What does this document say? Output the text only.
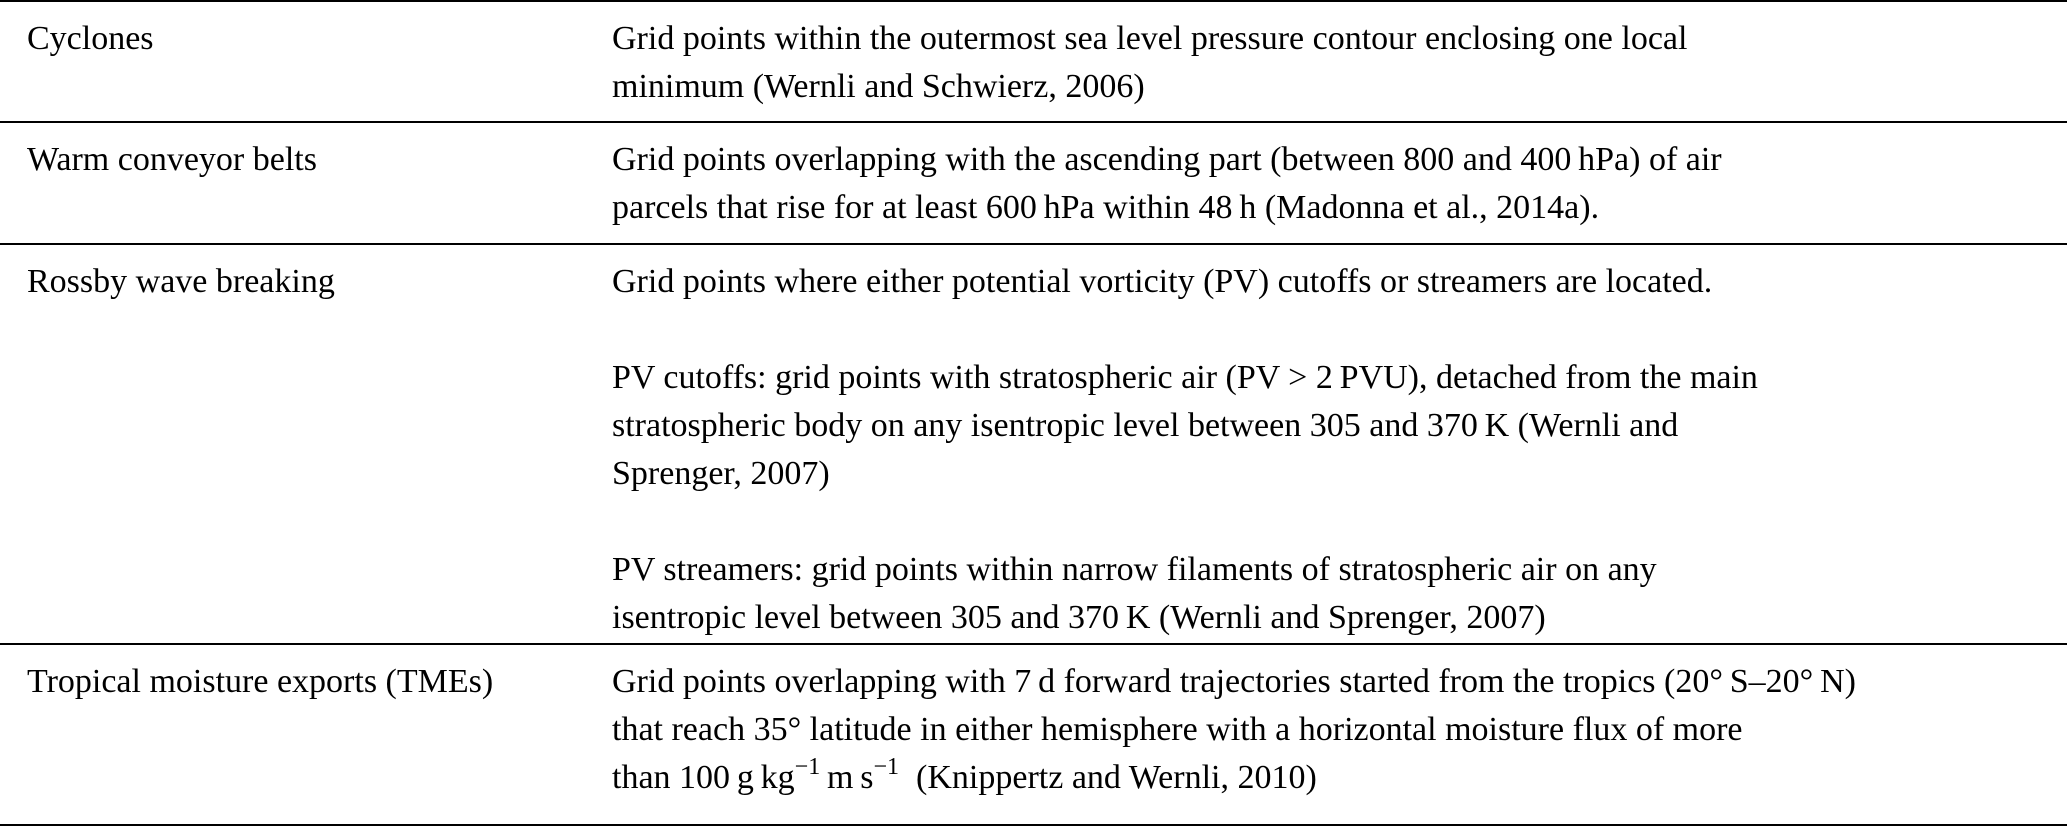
Cyclones	Grid points within the outermost sea level pressure contour enclosing one local
minimum (Wernli and Schwierz, 2006)

Warm conveyor belts	Grid points overlapping with the ascending part (between 800 and 400 hPa) of air
parcels that rise for at least 600 hPa within 48 h (Madonna et al., 2014a).

Rossby wave breaking	Grid points where either potential vorticity (PV) cutoffs or streamers are located.

PV cutoffs: grid points with stratospheric air (PV > 2 PVU), detached from the main
stratospheric body on any isentropic level between 305 and 370 K (Wernli and
Sprenger, 2007)

PV streamers: grid points within narrow filaments of stratospheric air on any
isentropic level between 305 and 370 K (Wernli and Sprenger, 2007)

Tropical moisture exports (TMEs)	Grid points overlapping with 7 d forward trajectories started from the tropics (20° S–20° N)
that reach 35° latitude in either hemisphere with a horizontal moisture flux of more
than 100 g $kg^{-1}$ m $s^{-1}$ (Knippertz and Wernli, 2010)
